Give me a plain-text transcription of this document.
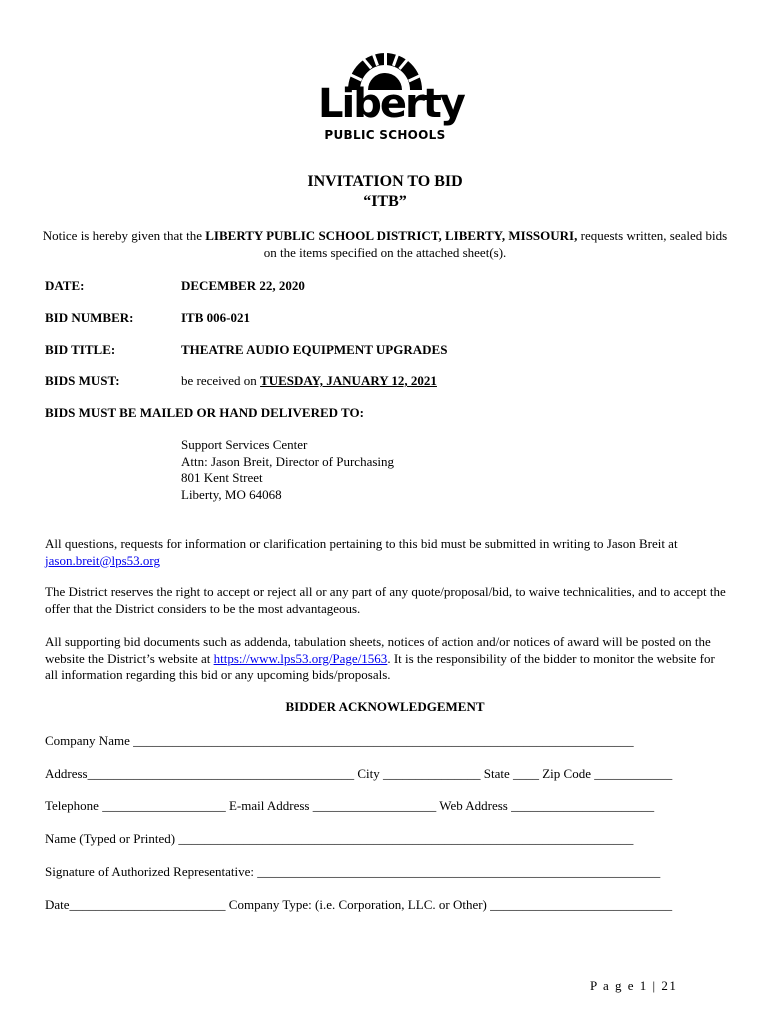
Liberty
PUBLIC SCHOOLS
INVITATION TO BID
“ITB”
Notice is hereby given that the LIBERTY PUBLIC SCHOOL DISTRICT, LIBERTY, MISSOURI, requests written, sealed bids on the items specified on the attached sheet(s).
DATE:	DECEMBER 22, 2020
BID NUMBER:	ITB 006-021
BID TITLE:	THEATRE AUDIO EQUIPMENT UPGRADES
BIDS MUST:	be received on TUESDAY, JANUARY 12, 2021
BIDS MUST BE MAILED OR HAND DELIVERED TO:
Support Services Center
Attn: Jason Breit, Director of Purchasing
801 Kent Street
Liberty, MO 64068
All questions, requests for information or clarification pertaining to this bid must be submitted in writing to Jason Breit at jason.breit@lps53.org
The District reserves the right to accept or reject all or any part of any quote/proposal/bid, to waive technicalities, and to accept the offer that the District considers to be the most advantageous.
All supporting bid documents such as addenda, tabulation sheets, notices of action and/or notices of award will be posted on the website the District’s website at https://www.lps53.org/Page/1563. It is the responsibility of the bidder to monitor the website for all information regarding this bid or any upcoming bids/proposals.
BIDDER ACKNOWLEDGEMENT
Company Name _____________________________________________________________________________
Address_________________________________________ City _______________ State ____ Zip Code ____________
Telephone ___________________ E-mail Address ___________________ Web Address ______________________
Name (Typed or Printed) ______________________________________________________________________
Signature of Authorized Representative: ______________________________________________________________
Date________________________ Company Type: (i.e. Corporation, LLC. or Other) ____________________________
P a g e 1 | 21
